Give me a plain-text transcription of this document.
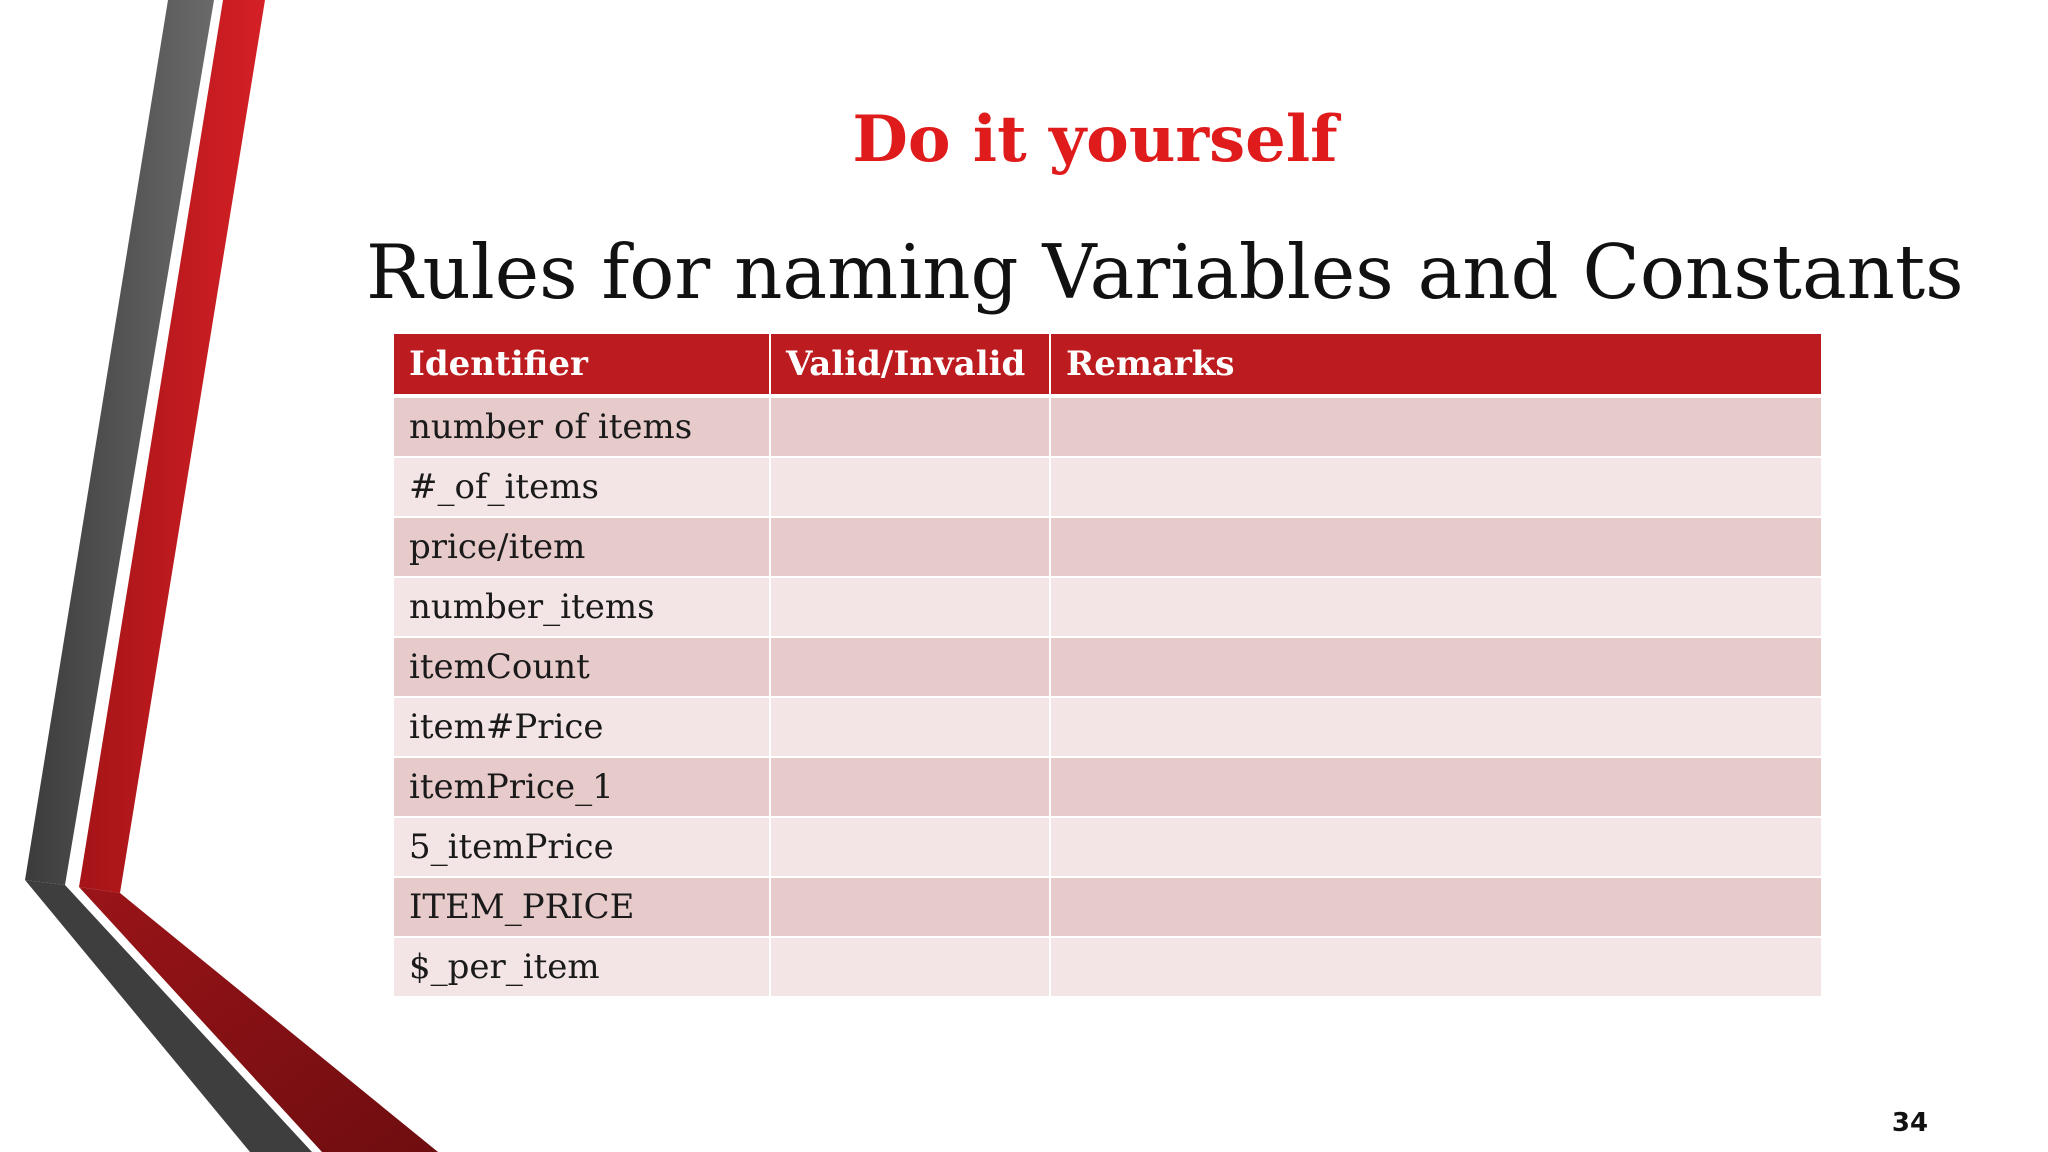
Do it yourself
Rules for naming Variables and Constants
Identifier	Valid/Invalid	Remarks
number of items		
#_of_items		
price/item		
number_items		
itemCount		
item#Price		
itemPrice_1		
5_itemPrice		
ITEM_PRICE		
$_per_item		
34
